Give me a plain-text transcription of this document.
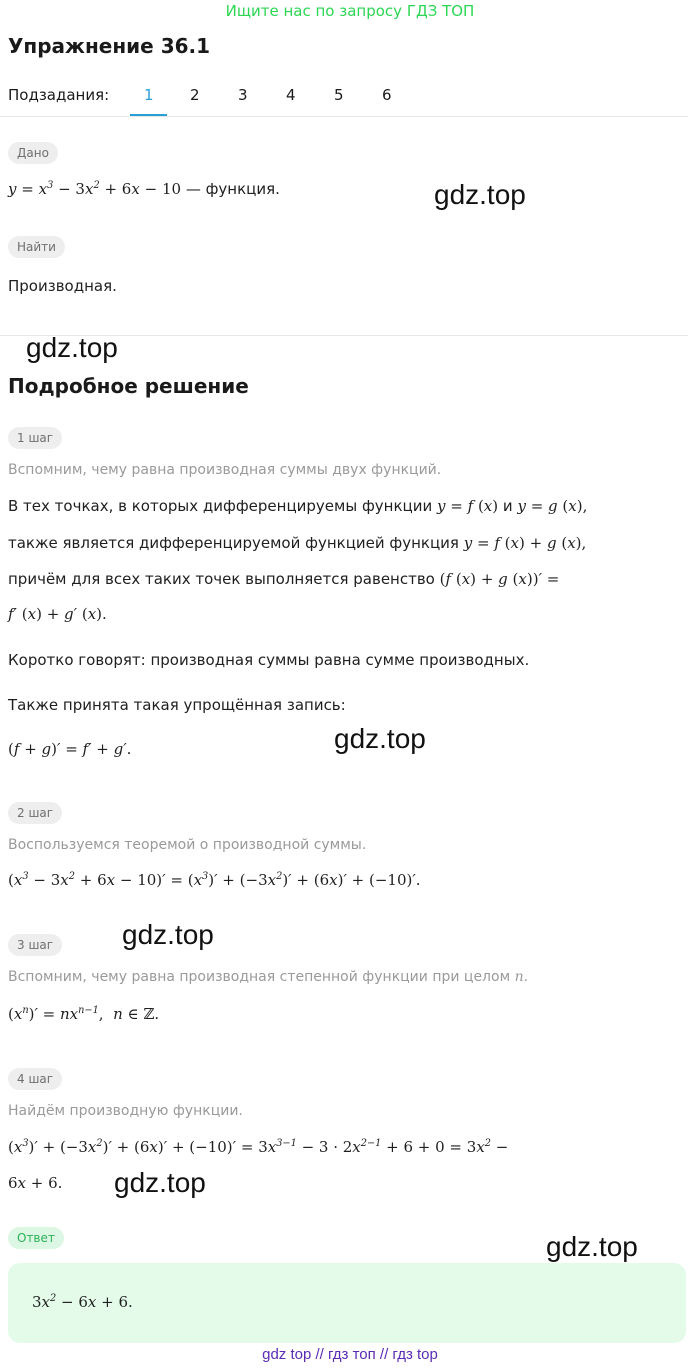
Ищите нас по запросу ГДЗ ТОП
Упражнение 36.1
Подзадания: 1 2	3	4	5	6
Дано
$y = x^3 - 3x^2 + 6x - 10$ — функция.
Найти
Производная.
Подробное решение
1 шаг
Вспомним, чему равна производная суммы двух функций.
В тех точках, в которых дифференцируемы функции y = f (x) и y = g (x),
также является дифференцируемой функцией функция y = f (x) + g (x),
причём для всех таких точек выполняется равенство (f (x) + g (x))′ =
f′ (x) + g′ (x).
Коротко говорят: производная суммы равна сумме производных.
Также принята такая упрощённая запись:
(f + g)′ = f′ + g′.
2 шаг
Воспользуемся теоремой о производной суммы.
$(x^3 - 3x^2 + 6x - 10)' = (x^3)' + (-3x^2)' + (6x)' + (-10)'$.
3 шаг
Вспомним, чему равна производная степенной функции при целом n.
$(x^n)' = nx^{n-1}$,  n ∈ ℤ.
4 шаг
Найдём производную функции.
$(x^3)' + (-3x^2)' + (6x)' + (-10)' = 3x^{3-1} - 3 \cdot 2x^{2-1} + 6 + 0 = 3x^2$ −
6x + 6.
Ответ
$3x^2 - 6x + 6$.
gdz.top
gdz.top
gdz.top
gdz.top
gdz.top
gdz.top
gdz top // гдз топ // гдз top
